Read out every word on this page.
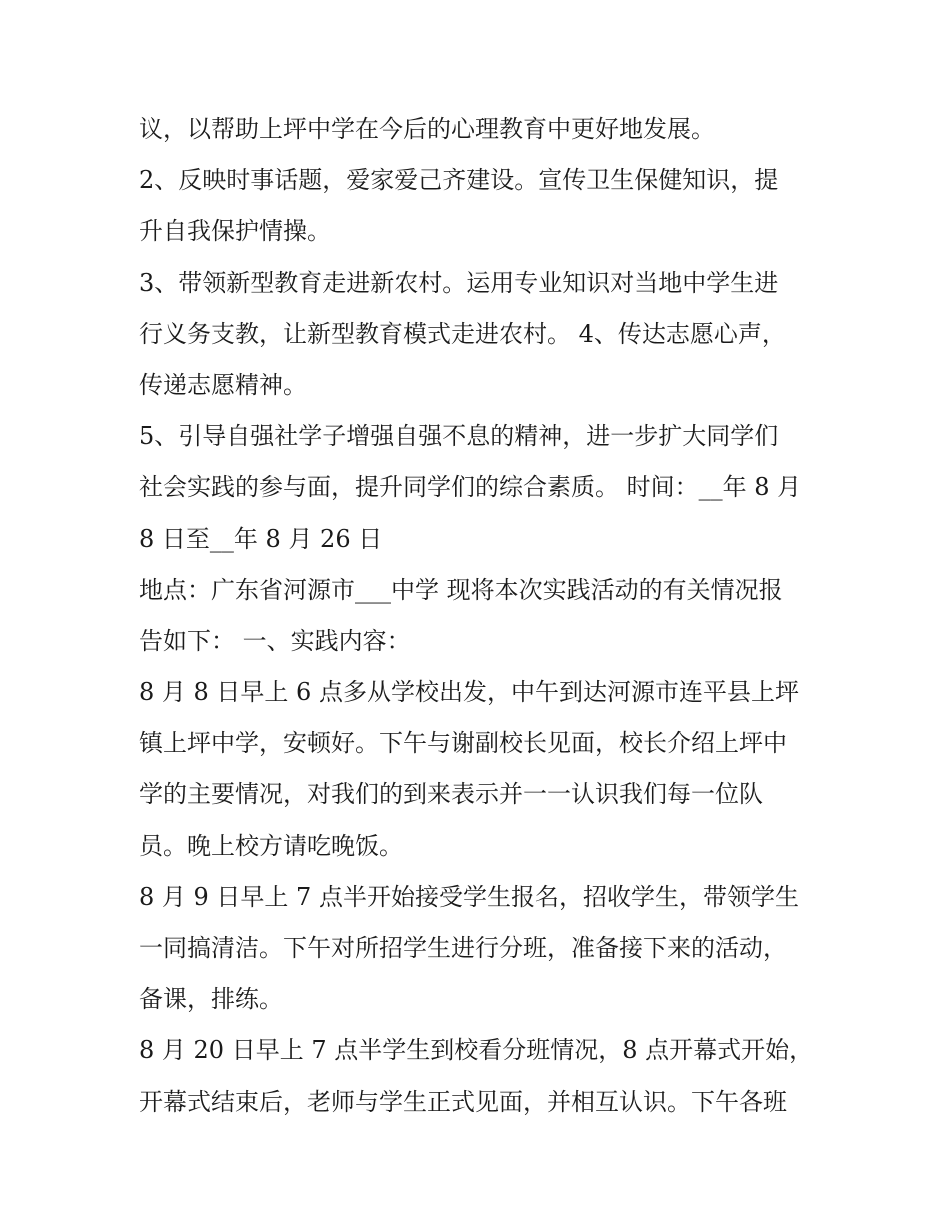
议，以帮助上坪中学在今后的心理教育中更好地发展。
2、反映时事话题，爱家爱己齐建设。宣传卫生保健知识，提
升自我保护情操。
3、带领新型教育走进新农村。运用专业知识对当地中学生进
行义务支教，让新型教育模式走进农村。 4、传达志愿心声，
传递志愿精神。
5、引导自强社学子增强自强不息的精神，进一步扩大同学们
社会实践的参与面，提升同学们的综合素质。 时间：__年 8 月
8 日至__年 8 月 26 日
地点：广东省河源市___中学 现将本次实践活动的有关情况报
告如下： 一、实践内容：
8 月 8 日早上 6 点多从学校出发，中午到达河源市连平县上坪
镇上坪中学，安顿好。下午与谢副校长见面，校长介绍上坪中
学的主要情况，对我们的到来表示并一一认识我们每一位队
员。晚上校方请吃晚饭。
8 月 9 日早上 7 点半开始接受学生报名，招收学生，带领学生
一同搞清洁。下午对所招学生进行分班，准备接下来的活动，
备课，排练。
8 月 20 日早上 7 点半学生到校看分班情况，8 点开幕式开始，
开幕式结束后，老师与学生正式见面，并相互认识。下午各班
